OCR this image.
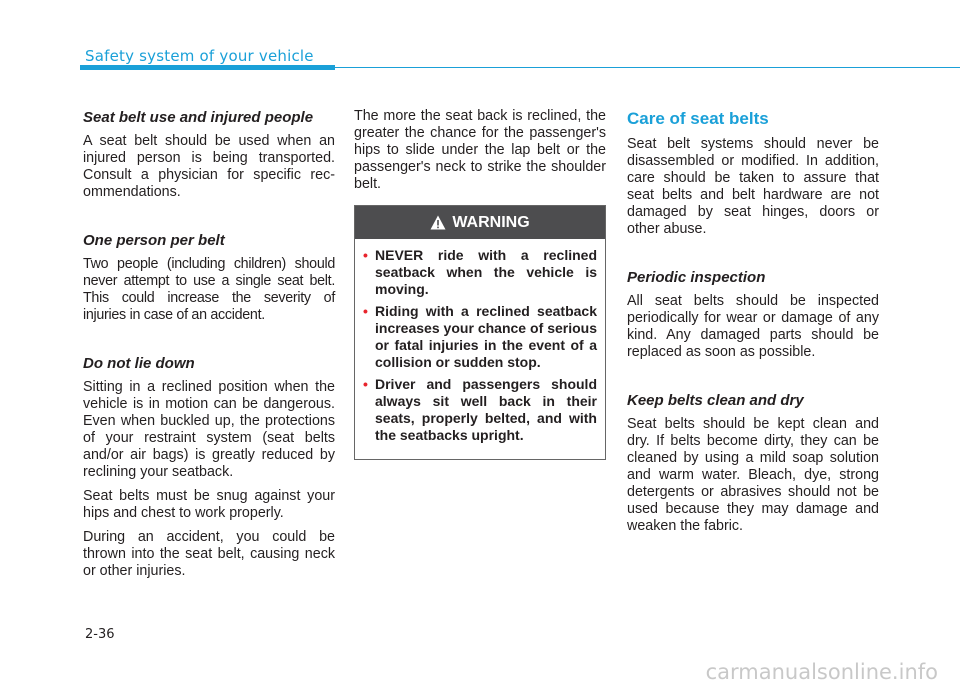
Safety system of your vehicle
Seat belt use and injured people

A seat belt should be used when an injured person is being transported. Consult a physician for specific recommendations.

One person per belt

Two people (including children) should never attempt to use a single seat belt. This could increase the severity of injuries in case of an accident.

Do not lie down

Sitting in a reclined position when the vehicle is in motion can be dangerous. Even when buckled up, the protections of your restraint system (seat belts and/or air bags) is greatly reduced by reclining your seatback.

Seat belts must be snug against your hips and chest to work properly.

During an accident, you could be thrown into the seat belt, causing neck or other injuries.

The more the seat back is reclined, the greater the chance for the passenger's hips to slide under the lap belt or the passenger's neck to strike the shoulder belt.

WARNING
• NEVER ride with a reclined seatback when the vehicle is moving.
• Riding with a reclined seatback increases your chance of serious or fatal injuries in the event of a collision or sudden stop.
• Driver and passengers should always sit well back in their seats, properly belted, and with the seatbacks upright.
Care of seat belts

Seat belt systems should never be disassembled or modified. In addition, care should be taken to assure that seat belts and belt hardware are not damaged by seat hinges, doors or other abuse.

Periodic inspection

All seat belts should be inspected periodically for wear or damage of any kind. Any damaged parts should be replaced as soon as possible.

Keep belts clean and dry

Seat belts should be kept clean and dry. If belts become dirty, they can be cleaned by using a mild soap solution and warm water. Bleach, dye, strong detergents or abrasives should not be used because they may damage and weaken the fabric.

2-36
carmanualsonline.info
